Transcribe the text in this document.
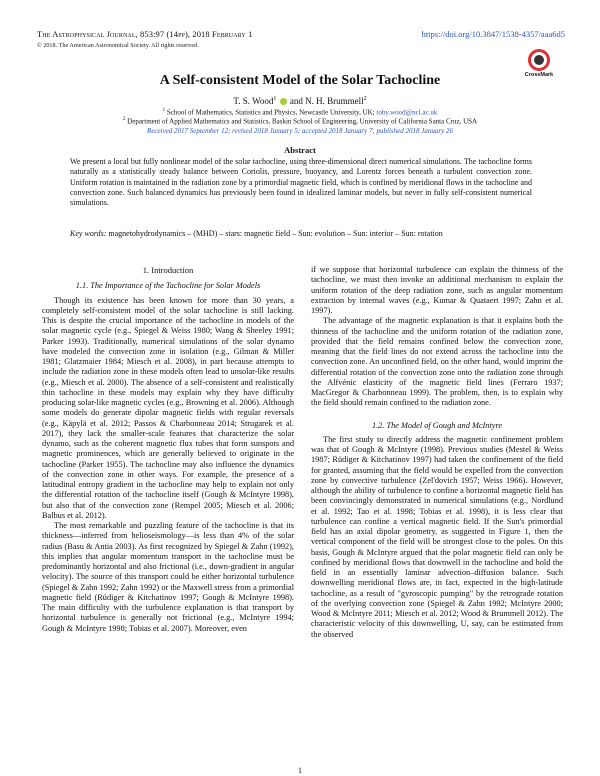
The Astrophysical Journal, 853:97 (14pp), 2018 February 1	https://doi.org/10.3847/1538-4357/aaa6d5
© 2018. The American Astronomical Society. All rights reserved.
CrossMark
A Self-consistent Model of the Solar Tachocline
T. S. Wood$^1$ and N. H. Brummell$^2$
$^1$ School of Mathematics, Statistics and Physics, Newcastle University, UK; toby.wood@ncl.ac.uk
$^2$ Department of Applied Mathematics and Statistics, Baskin School of Engineering, University of California Santa Cruz, USA
Received 2017 September 12; revised 2018 January 5; accepted 2018 January 7; published 2018 January 26
Abstract
We present a local but fully nonlinear model of the solar tachocline, using three-dimensional direct numerical simulations. The tachocline forms naturally as a statistically steady balance between Coriolis, pressure, buoyancy, and Lorentz forces beneath a turbulent convection zone. Uniform rotation is maintained in the radiation zone by a primordial magnetic field, which is confined by meridional flows in the tachocline and convection zone. Such balanced dynamics has previously been found in idealized laminar models, but never in fully self-consistent numerical simulations.
Key words: magnetohydrodynamics – (MHD) – stars: magnetic field – Sun: evolution – Sun: interior – Sun: rotation
1. Introduction
1.1. The Importance of the Tachocline for Solar Models

Though its existence has been known for more than 30 years, a completely self-consistent model of the solar tachocline is still lacking. This is despite the crucial importance of the tachocline in models of the solar magnetic cycle (e.g., Spiegel & Weiss 1980; Wang & Sheeley 1991; Parker 1993). Traditionally, numerical simulations of the solar dynamo have modeled the convection zone in isolation (e.g., Gilman & Miller 1981; Glatzmaier 1984; Miesch et al. 2008), in part because attempts to include the radiation zone in these models often lead to unsolar-like results (e.g., Miesch et al. 2000). The absence of a self-consistent and realistically thin tachocline in these models may explain why they have difficulty producing solar-like magnetic cycles (e.g., Browning et al. 2006). Although some models do generate dipolar magnetic fields with regular reversals (e.g., Käpylä et al. 2012; Passos & Charbonneau 2014; Strugarek et al. 2017), they lack the smaller-scale features that characterize the solar dynamo, such as the coherent magnetic flux tubes that form sunspots and magnetic prominences, which are generally believed to originate in the tachocline (Parker 1955). The tachocline may also influence the dynamics of the convection zone in other ways. For example, the presence of a latitudinal entropy gradient in the tachocline may help to explain not only the differential rotation of the tachocline itself (Gough & McIntyre 1998), but also that of the convection zone (Rempel 2005; Miesch et al. 2006; Balbus et al. 2012).

The most remarkable and puzzling feature of the tachocline is that its thickness—inferred from helioseismology—is less than 4% of the solar radius (Basu & Antia 2003). As first recognized by Spiegel & Zahn (1992), this implies that angular momentum transport in the tachocline must be predominantly horizontal and also frictional (i.e., down-gradient in angular velocity). The source of this transport could be either horizontal turbulence (Spiegel & Zahn 1992; Zahn 1992) or the Maxwell stress from a primordial magnetic field (Rüdiger & Kitchatinov 1997; Gough & McIntyre 1998). The main difficulty with the turbulence explanation is that transport by horizontal turbulence is generally not frictional (e.g., McIntyre 1994; Gough & McIntyre 1998; Tobias et al. 2007). Moreover, even

if we suppose that horizontal turbulence can explain the thinness of the tachocline, we must then invoke an additional mechanism to explain the uniform rotation of the deep radiation zone, such as angular momentum extraction by internal waves (e.g., Kumar & Quataert 1997; Zahn et al. 1997).

The advantage of the magnetic explanation is that it explains both the thinness of the tachocline and the uniform rotation of the radiation zone, provided that the field remains confined below the convection zone, meaning that the field lines do not extend across the tachocline into the convection zone. An unconfined field, on the other hand, would imprint the differential rotation of the convection zone onto the radiation zone through the Alfvénic elasticity of the magnetic field lines (Ferraro 1937; MacGregor & Charbonneau 1999). The problem, then, is to explain why the field should remain confined to the radiation zone.

1.2. The Model of Gough and McIntyre

The first study to directly address the magnetic confinement problem was that of Gough & McIntyre (1998). Previous studies (Mestel & Weiss 1987; Rüdiger & Kitchatinov 1997) had taken the confinement of the field for granted, assuming that the field would be expelled from the convection zone by convective turbulence (Zel'dovich 1957; Weiss 1966). However, although the ability of turbulence to confine a horizontal magnetic field has been convincingly demonstrated in numerical simulations (e.g., Nordlund et al. 1992; Tao et al. 1998; Tobias et al. 1998), it is less clear that turbulence can confine a vertical magnetic field. If the Sun's primordial field has an axial dipolar geometry, as suggested in Figure 1, then the vertical component of the field will be strongest close to the poles. On this basis, Gough & McIntyre argued that the polar magnetic field can only be confined by meridional flows that downwell in the tachocline and hold the field in an essentially laminar advection–diffusion balance. Such downwelling meridional flows are, in fact, expected in the high-latitude tachocline, as a result of "gyroscopic pumping" by the retrograde rotation of the overlying convection zone (Spiegel & Zahn 1992; McIntyre 2000; Wood & McIntyre 2011; Miesch et al. 2012; Wood & Brummell 2012). The characteristic velocity of this downwelling, U, say, can be estimated from the observed

1
